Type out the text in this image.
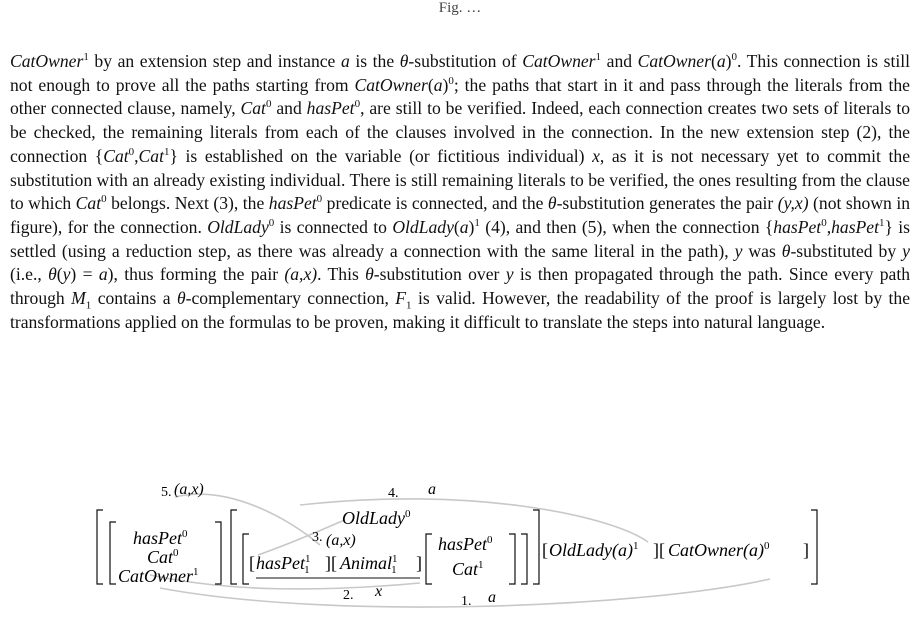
Fig. …
CatOwner$^1$ by an extension step and instance a is the θ-substitution of CatOwner$^1$ and $CatOwner(a)^0$. This connection is still not enough to prove all the paths starting from $CatOwner(a)^0$; the paths that start in it and pass through the literals from the other connected clause, namely, Cat$^0$ and hasPet$^0$, are still to be verified. Indeed, each connection creates two sets of literals to be checked, the remaining literals from each of the clauses involved in the connection. In the new extension step (2), the connection {Cat$^0$,Cat$^1$} is established on the variable (or fictitious individual) x, as it is not necessary yet to commit the substitution with an already existing individual. There is still remaining literals to be verified, the ones resulting from the clause to which Cat$^0$ belongs. Next (3), the hasPet$^0$ predicate is connected, and the θ-substitution generates the pair (y,x) (not shown in figure), for the connection. OldLady$^0$ is connected to $OldLady(a)^1$ (4), and then (5), when the connection {hasPet$^0$,hasPet$^1$} is settled (using a reduction step, as there was already a connection with the same literal in the path), y was θ-substituted by y (i.e., θ(y) = a), thus forming the pair (a,x). This θ-substitution over y is then propagated through the path. Since every path through $M_1$ contains a θ-complementary connection, $F_1$ is valid. However, the readability of the proof is largely lost by the transformations applied on the formulas to be proven, making it difficult to translate the steps into natural language.
hasPet$^0$
Cat$^0$
CatOwner$^1$
OldLady$^0$
[ hasPet$^1$ 1 ][ Animal$^1$ 1 ]
hasPet$^0$
Cat$^1$
[ $OldLady(a)^1$ ][ $CatOwner(a)^0$ ]
1. a
2. x
3. (a,x)
4. a
5. (a,x)
